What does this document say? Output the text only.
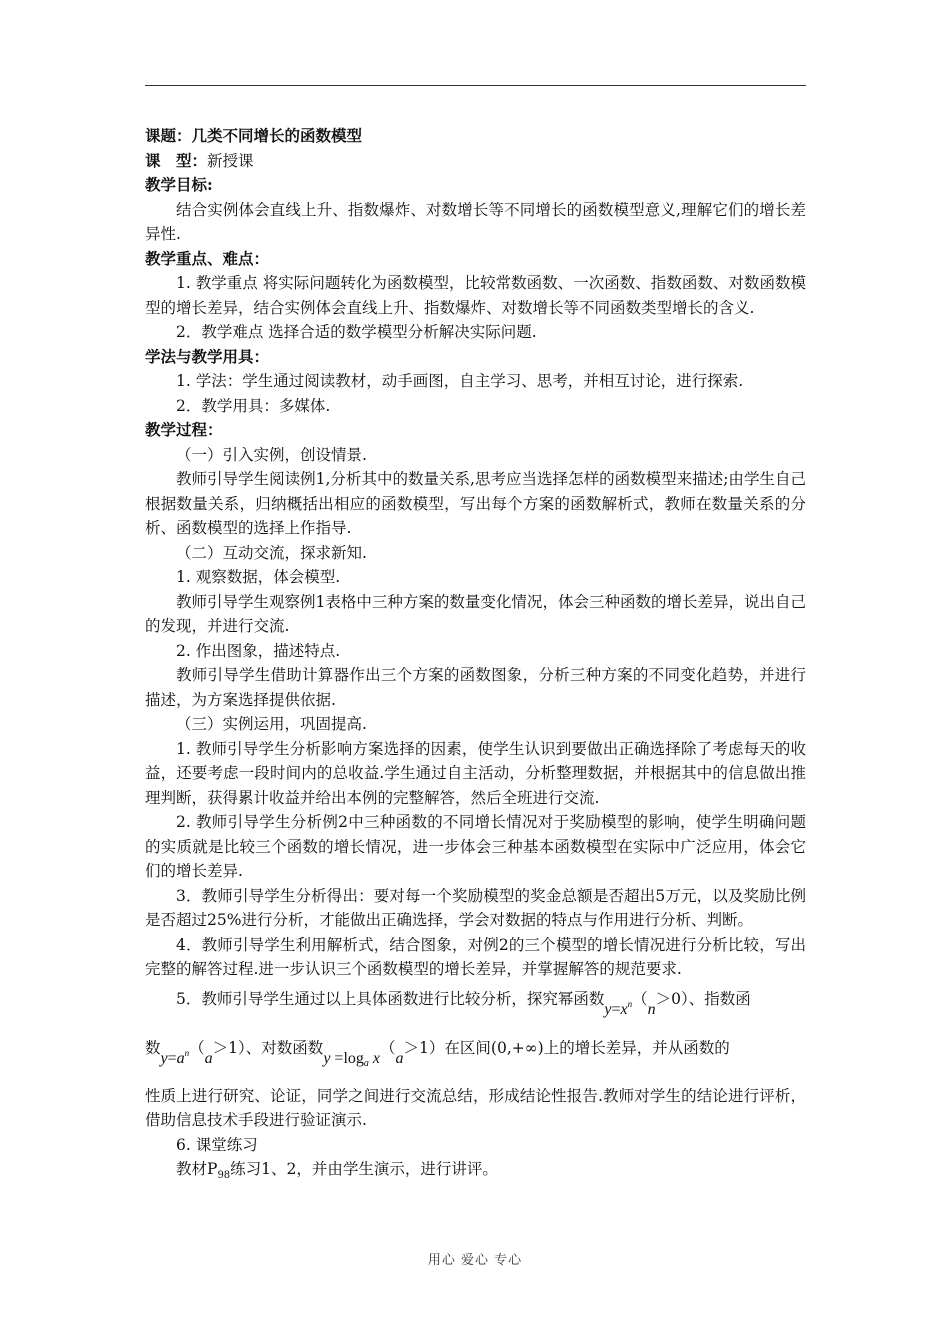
课题：几类不同增长的函数模型

课　型：新授课

教学目标:

结合实例体会直线上升、指数爆炸、对数增长等不同增长的函数模型意义,理解它们的增长差异性.

教学重点、难点：

1. 教学重点 将实际问题转化为函数模型，比较常数函数、一次函数、指数函数、对数函数模型的增长差异，结合实例体会直线上升、指数爆炸、对数增长等不同函数类型增长的含义.

2．教学难点 选择合适的数学模型分析解决实际问题.

学法与教学用具：

1. 学法：学生通过阅读教材，动手画图，自主学习、思考，并相互讨论，进行探索.

2．教学用具：多媒体.

教学过程：

（一）引入实例，创设情景.

教师引导学生阅读例1,分析其中的数量关系,思考应当选择怎样的函数模型来描述;由学生自己根据数量关系，归纳概括出相应的函数模型，写出每个方案的函数解析式，教师在数量关系的分析、函数模型的选择上作指导.

（二）互动交流，探求新知.

1. 观察数据，体会模型.

教师引导学生观察例1表格中三种方案的数量变化情况，体会三种函数的增长差异，说出自己的发现，并进行交流.

2. 作出图象，描述特点.

教师引导学生借助计算器作出三个方案的函数图象，分析三种方案的不同变化趋势，并进行描述，为方案选择提供依据.

（三）实例运用，巩固提高.

1. 教师引导学生分析影响方案选择的因素，使学生认识到要做出正确选择除了考虑每天的收益，还要考虑一段时间内的总收益.学生通过自主活动，分析整理数据，并根据其中的信息做出推理判断，获得累计收益并给出本例的完整解答，然后全班进行交流.

2. 教师引导学生分析例2中三种函数的不同增长情况对于奖励模型的影响，使学生明确问题的实质就是比较三个函数的增长情况，进一步体会三种基本函数模型在实际中广泛应用，体会它们的增长差异.

3．教师引导学生分析得出：要对每一个奖励模型的奖金总额是否超出5万元，以及奖励比例是否超过25%进行分析，才能做出正确选择，学会对数据的特点与作用进行分析、判断。

4．教师引导学生利用解析式，结合图象，对例2的三个模型的增长情况进行分析比较，写出完整的解答过程.进一步认识三个函数模型的增长差异，并掌握解答的规范要求.

5．教师引导学生通过以上具体函数进行比较分析，探究幂函数$y=x^n(n>0)$、指数函

数$y=a^n(a>1)$、对数函数$y =\log_a$ x（a＞1）在区间(0,+∞)上的增长差异，并从函数的

性质上进行研究、论证，同学之间进行交流总结，形成结论性报告.教师对学生的结论进行评析，借助信息技术手段进行验证演示.

6. 课堂练习

教材$P_{98}$练习1、2，并由学生演示，进行讲评。

用心 爱心 专心
